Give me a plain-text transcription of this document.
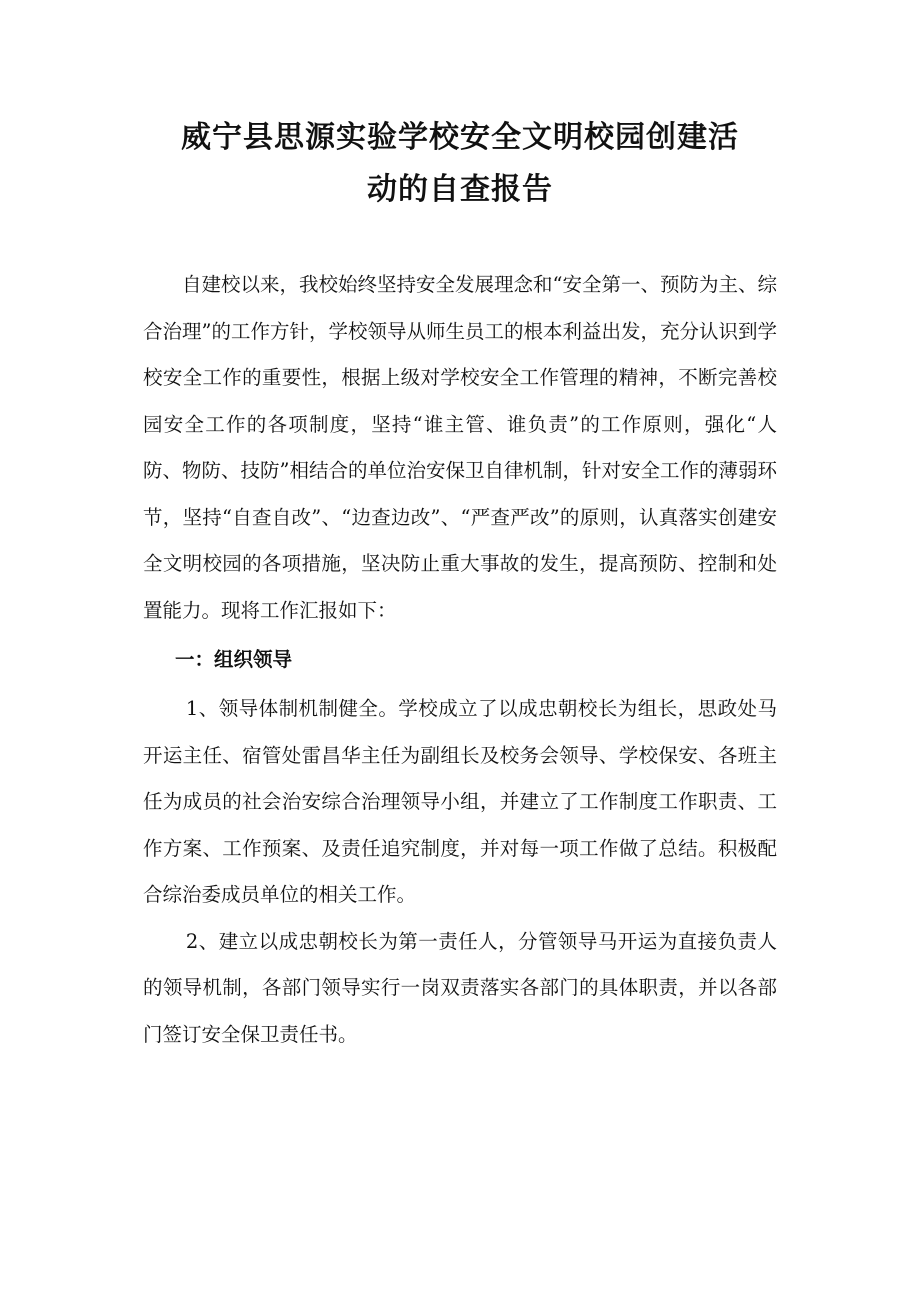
威宁县思源实验学校安全文明校园创建活
动的自查报告

自建校以来，我校始终坚持安全发展理念和“安全第一、预防为主、综合治理”的工作方针，学校领导从师生员工的根本利益出发，充分认识到学校安全工作的重要性，根据上级对学校安全工作管理的精神，不断完善校园安全工作的各项制度，坚持“谁主管、谁负责”的工作原则，强化“人防、物防、技防”相结合的单位治安保卫自律机制，针对安全工作的薄弱环节，坚持“自查自改”、“边查边改”、“严查严改”的原则，认真落实创建安全文明校园的各项措施，坚决防止重大事故的发生，提高预防、控制和处置能力。现将工作汇报如下：

一：组织领导

1、领导体制机制健全。学校成立了以成忠朝校长为组长，思政处马开运主任、宿管处雷昌华主任为副组长及校务会领导、学校保安、各班主任为成员的社会治安综合治理领导小组，并建立了工作制度工作职责、工作方案、工作预案、及责任追究制度，并对每一项工作做了总结。积极配合综治委成员单位的相关工作。

2、建立以成忠朝校长为第一责任人，分管领导马开运为直接负责人的领导机制，各部门领导实行一岗双责落实各部门的具体职责，并以各部门签订安全保卫责任书。
